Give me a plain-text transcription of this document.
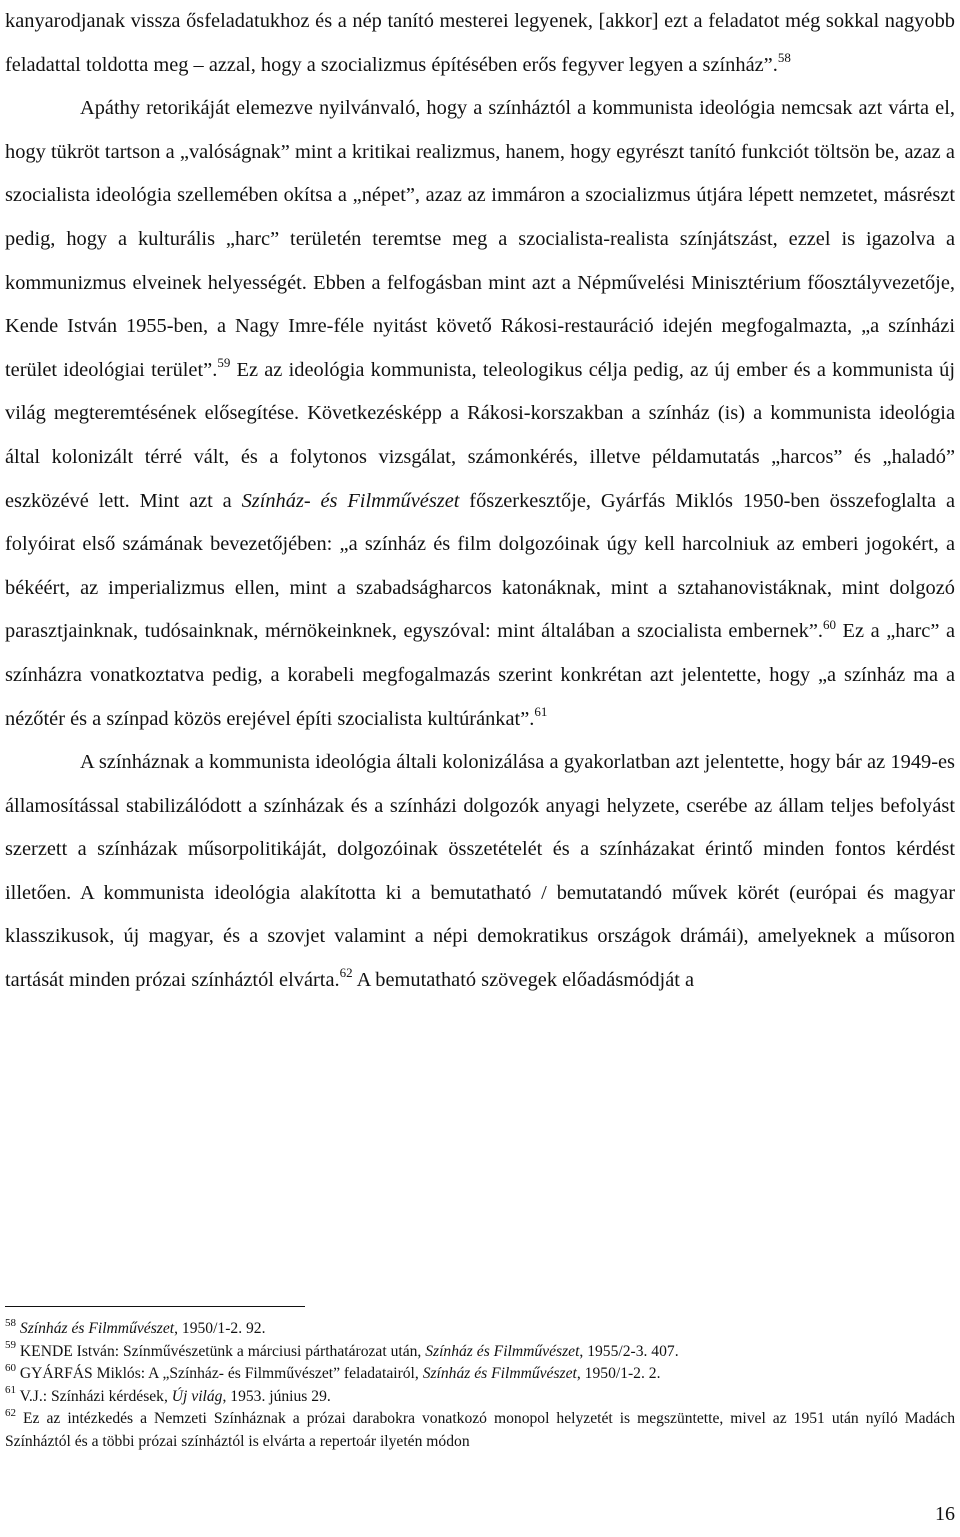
kanyarodjanak vissza ősfeladatukhoz és a nép tanító mesterei legyenek, [akkor] ezt a feladatot még sokkal nagyobb feladattal toldotta meg – azzal, hogy a szocializmus építésében erős fegyver legyen a színház”.$^{58}$

Apáthy retorikáját elemezve nyilvánvaló, hogy a színháztól a kommunista ideológia nemcsak azt várta el, hogy tükröt tartson a „valóságnak” mint a kritikai realizmus, hanem, hogy egyrészt tanító funkciót töltsön be, azaz a szocialista ideológia szellemében okítsa a „népet”, azaz az immáron a szocializmus útjára lépett nemzetet, másrészt pedig, hogy a kulturális „harc” területén teremtse meg a szocialista-realista színjátszást, ezzel is igazolva a kommunizmus elveinek helyességét. Ebben a felfogásban mint azt a Népművelési Minisztérium főosztályvezetője, Kende István 1955-ben, a Nagy Imre-féle nyitást követő Rákosi-restauráció idején megfogalmazta, „a színházi terület ideológiai terület”.$^{59}$ Ez az ideológia kommunista, teleologikus célja pedig, az új ember és a kommunista új világ megteremtésének elősegítése. Következésképp a Rákosi-korszakban a színház (is) a kommunista ideológia által kolonizált térré vált, és a folytonos vizsgálat, számonkérés, illetve példamutatás „harcos” és „haladó” eszközévé lett. Mint azt a Színház- és Filmművészet főszerkesztője, Gyárfás Miklós 1950-ben összefoglalta a folyóirat első számának bevezetőjében: „a színház és film dolgozóinak úgy kell harcolniuk az emberi jogokért, a békéért, az imperializmus ellen, mint a szabadságharcos katonáknak, mint a sztahanovistáknak, mint dolgozó parasztjainknak, tudósainknak, mérnökeinknek, egyszóval: mint általában a szocialista embernek”.$^{60}$ Ez a „harc” a színházra vonatkoztatva pedig, a korabeli megfogalmazás szerint konkrétan azt jelentette, hogy „a színház ma a nézőtér és a színpad közös erejével építi szocialista kultúránkat”.$^{61}$

A színháznak a kommunista ideológia általi kolonizálása a gyakorlatban azt jelentette, hogy bár az 1949-es államosítással stabilizálódott a színházak és a színházi dolgozók anyagi helyzete, cserébe az állam teljes befolyást szerzett a színházak műsorpolitikáját, dolgozóinak összetételét és a színházakat érintő minden fontos kérdést illetően. A kommunista ideológia alakította ki a bemutatható / bemutatandó művek körét (európai és magyar klasszikusok, új magyar, és a szovjet valamint a népi demokratikus országok drámái), amelyeknek a műsoron tartását minden prózai színháztól elvárta.$^{62}$ A bemutatható szövegek előadásmódját a

$^{58}$ Színház és Filmművészet, 1950/1-2. 92.

$^{59}$ KENDE István: Színművészetünk a márciusi párthatározat után, Színház és Filmművészet, 1955/2-3. 407.

$^{60}$ GYÁRFÁS Miklós: A „Színház- és Filmművészet” feladatairól, Színház és Filmművészet, 1950/1-2. 2.

$^{61}$ V.J.: Színházi kérdések, Új világ, 1953. június 29.

$^{62}$ Ez az intézkedés a Nemzeti Színháznak a prózai darabokra vonatkozó monopol helyzetét is megszüntette, mivel az 1951 után nyíló Madách Színháztól és a többi prózai színháztól is elvárta a repertoár ilyetén módon

16
